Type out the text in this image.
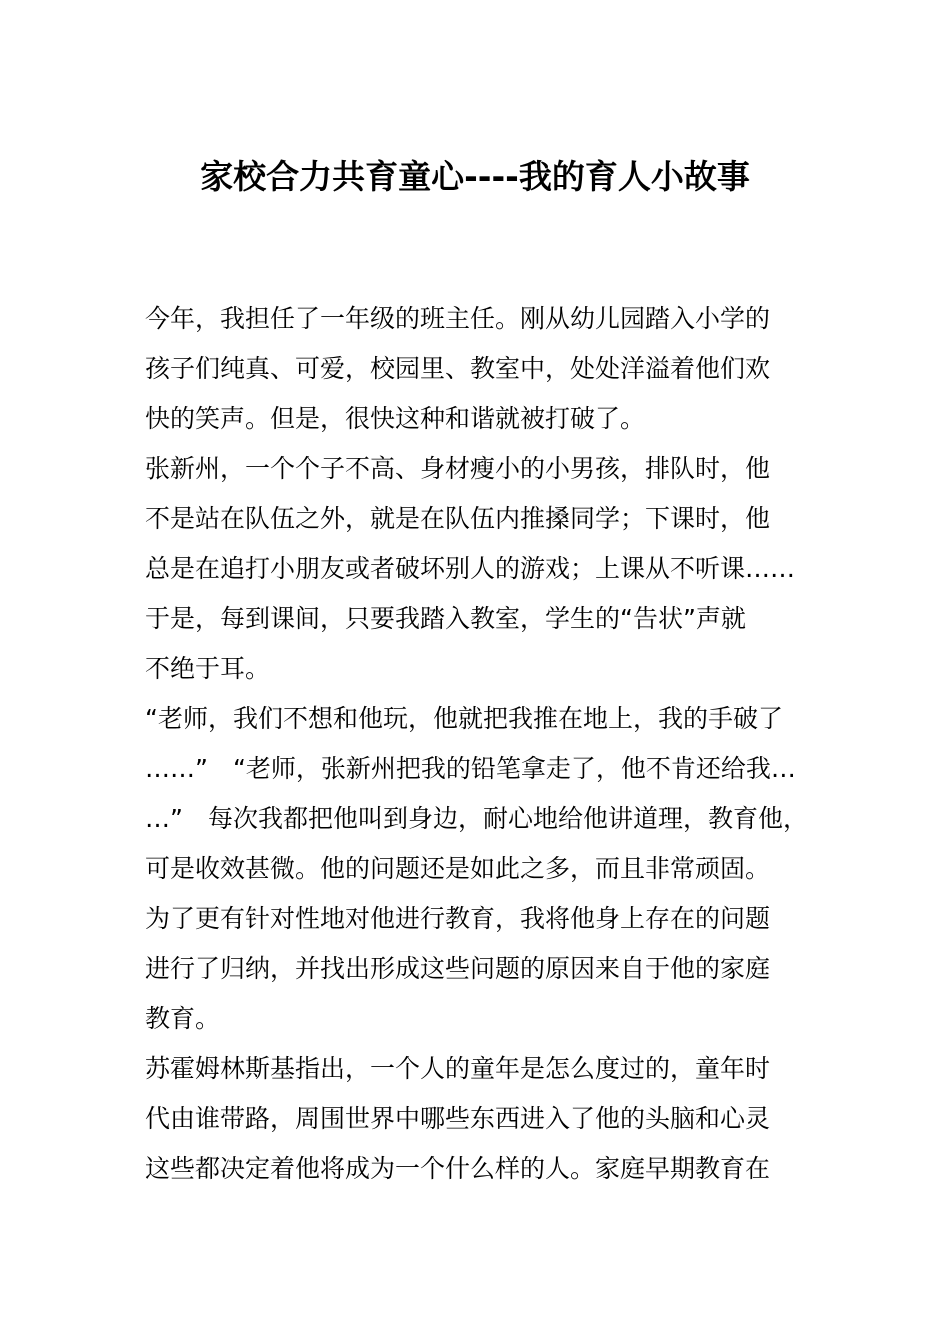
家校合力共育童心----我的育人小故事
今年，我担任了一年级的班主任。刚从幼儿园踏入小学的
孩子们纯真、可爱，校园里、教室中，处处洋溢着他们欢
快的笑声。但是，很快这种和谐就被打破了。
张新州，一个个子不高、身材瘦小的小男孩，排队时，他
不是站在队伍之外，就是在队伍内推搡同学；下课时，他
总是在追打小朋友或者破坏别人的游戏；上课从不听课……
于是，每到课间，只要我踏入教室，学生的“告状”声就
不绝于耳。
“老师，我们不想和他玩，他就把我推在地上，我的手破了
……”　“老师，张新州把我的铅笔拿走了，他不肯还给我…
…”　每次我都把他叫到身边，耐心地给他讲道理，教育他，
可是收效甚微。他的问题还是如此之多，而且非常顽固。
为了更有针对性地对他进行教育，我将他身上存在的问题
进行了归纳，并找出形成这些问题的原因来自于他的家庭
教育。
苏霍姆林斯基指出，一个人的童年是怎么度过的，童年时
代由谁带路，周围世界中哪些东西进入了他的头脑和心灵
这些都决定着他将成为一个什么样的人。家庭早期教育在
